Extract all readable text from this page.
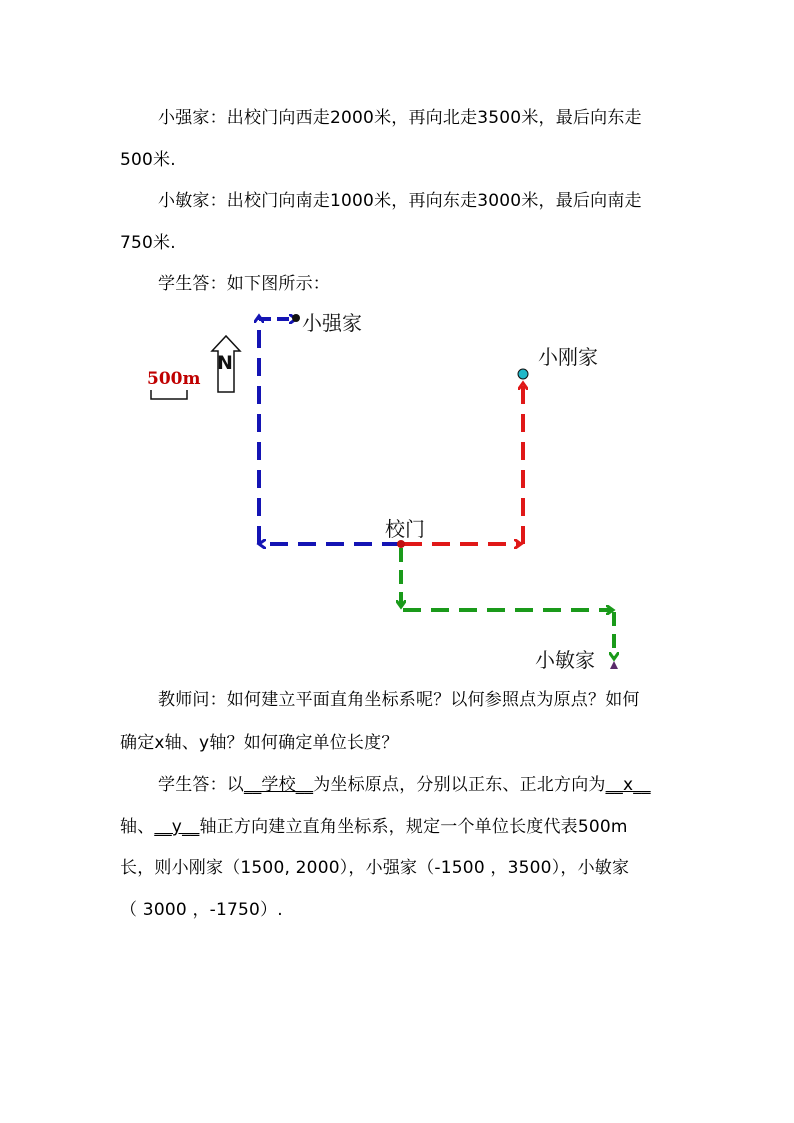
小强家：出校门向西走2000米，再向北走3500米，最后向东走
500米.
小敏家：出校门向南走1000米，再向东走3000米，最后向南走
750米.
学生答：如下图所示：
N
500m
小强家
小刚家
校门
小敏家
教师问：如何建立平面直角坐标系呢？以何参照点为原点？如何
确定x轴、y轴？如何确定单位长度？
学生答：以__学校__为坐标原点，分别以正东、正北方向为__x__
轴、__y__轴正方向建立直角坐标系，规定一个单位长度代表500m
长，则小刚家（1500, 2000），小强家（-1500 ，3500），小敏家
（ 3000 ，-1750）.
